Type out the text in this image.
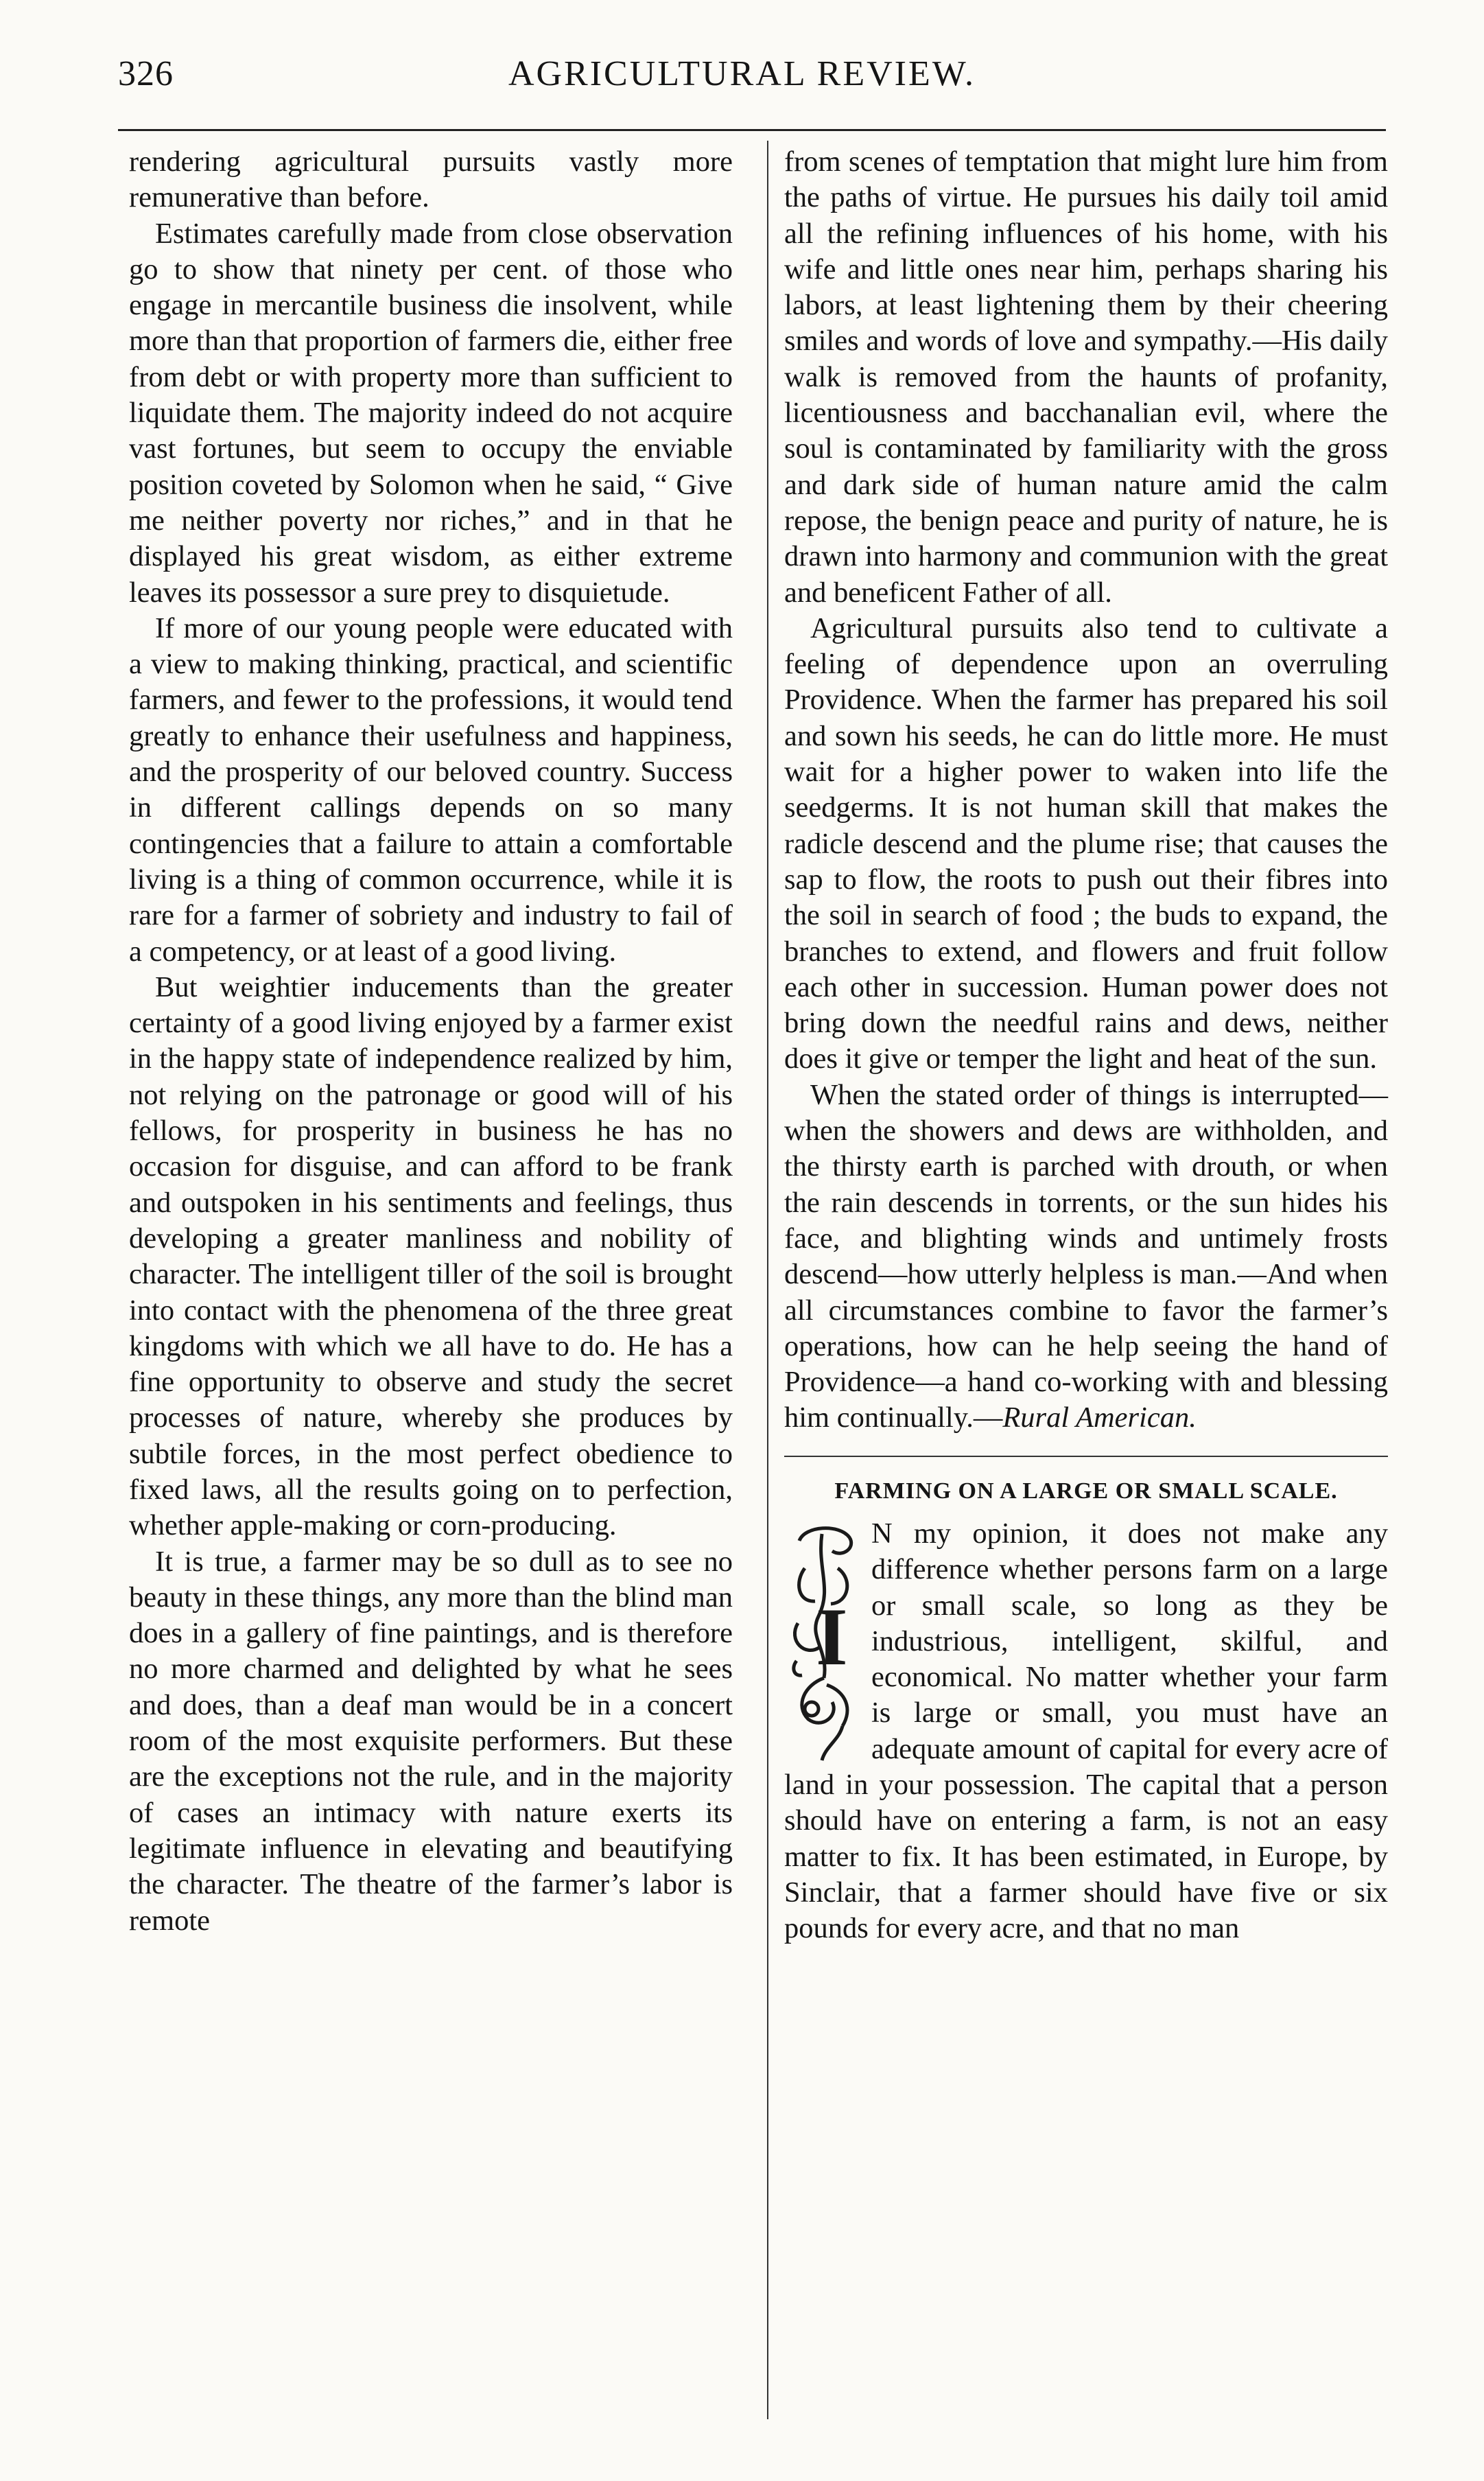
326	AGRICULTURAL REVIEW.

rendering agricultural pursuits vastly more remunerative than before.

Estimates carefully made from close observation go to show that ninety per cent. of those who engage in mercantile business die insolvent, while more than that proportion of farmers die, either free from debt or with property more than sufficient to liquidate them. The majority indeed do not acquire vast fortunes, but seem to occupy the enviable position coveted by Solomon when he said, “ Give me neither poverty nor riches,” and in that he displayed his great wisdom, as either extreme leaves its possessor a sure prey to disquietude.

If more of our young people were educated with a view to making thinking, practical, and scientific farmers, and fewer to the professions, it would tend greatly to enhance their usefulness and happiness, and the prosperity of our beloved country. Success in different callings depends on so many contingencies that a failure to attain a comfortable living is a thing of common occurrence, while it is rare for a farmer of sobriety and industry to fail of a competency, or at least of a good living.

But weightier inducements than the greater certainty of a good living enjoyed by a farmer exist in the happy state of independence realized by him, not relying on the patronage or good will of his fellows, for prosperity in business he has no occasion for disguise, and can afford to be frank and outspoken in his sentiments and feelings, thus developing a greater manliness and nobility of character. The intelligent tiller of the soil is brought into contact with the phenomena of the three great kingdoms with which we all have to do. He has a fine opportunity to observe and study the secret processes of nature, whereby she produces by subtile forces, in the most perfect obedience to fixed laws, all the results going on to perfection, whether apple-making or corn-producing.

It is true, a farmer may be so dull as to see no beauty in these things, any more than the blind man does in a gallery of fine paintings, and is therefore no more charmed and delighted by what he sees and does, than a deaf man would be in a concert room of the most exquisite performers. But these are the exceptions not the rule, and in the majority of cases an intimacy with nature exerts its legitimate influence in elevating and beautifying the character. The theatre of the farmer’s labor is remote

from scenes of temptation that might lure him from the paths of virtue. He pursues his daily toil amid all the refining influences of his home, with his wife and little ones near him, perhaps sharing his labors, at least lightening them by their cheering smiles and words of love and sympathy.—His daily walk is removed from the haunts of profanity, licentiousness and bacchanalian evil, where the soul is contaminated by familiarity with the gross and dark side of human nature amid the calm repose, the benign peace and purity of nature, he is drawn into harmony and communion with the great and beneficent Father of all.

Agricultural pursuits also tend to cultivate a feeling of dependence upon an overruling Providence. When the farmer has prepared his soil and sown his seeds, he can do little more. He must wait for a higher power to waken into life the seedgerms. It is not human skill that makes the radicle descend and the plume rise; that causes the sap to flow, the roots to push out their fibres into the soil in search of food ; the buds to expand, the branches to extend, and flowers and fruit follow each other in succession. Human power does not bring down the needful rains and dews, neither does it give or temper the light and heat of the sun.

When the stated order of things is interrupted—when the showers and dews are withholden, and the thirsty earth is parched with drouth, or when the rain descends in torrents, or the sun hides his face, and blighting winds and untimely frosts descend—how utterly helpless is man.—And when all circumstances combine to favor the farmer’s operations, how can he help seeing the hand of Providence—a hand co-working with and blessing him continually.—Rural American.

FARMING ON A LARGE OR SMALL SCALE.
I

N my opinion, it does not make any difference whether persons farm on a large or small scale, so long as they be industrious, intelligent, skilful, and economical. No matter whether your farm is large or small, you must have an adequate amount of capital for every acre of land in your possession. The capital that a person should have on entering a farm, is not an easy matter to fix. It has been estimated, in Europe, by Sinclair, that a farmer should have five or six pounds for every acre, and that no man
